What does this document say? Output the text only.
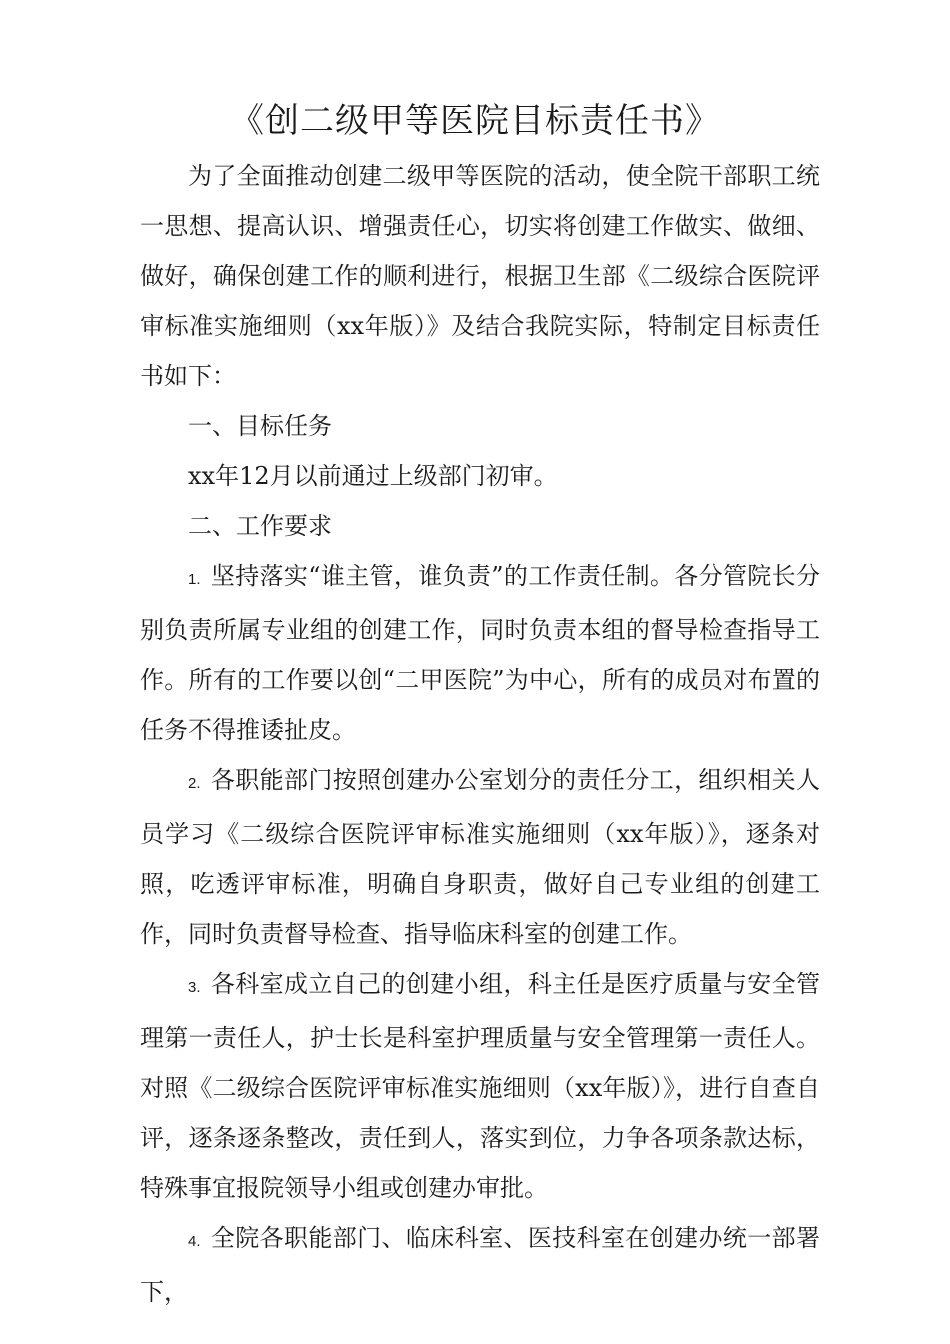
《创二级甲等医院目标责任书》

为了全面推动创建二级甲等医院的活动，使全院干部职工统一思想、提高认识、增强责任心，切实将创建工作做实、做细、做好，确保创建工作的顺利进行，根据卫生部《二级综合医院评审标准实施细则（xx年版）》及结合我院实际，特制定目标责任书如下：

一、目标任务

xx年12月以前通过上级部门初审。

二、工作要求

1. 坚持落实“谁主管，谁负责”的工作责任制。各分管院长分别负责所属专业组的创建工作，同时负责本组的督导检查指导工作。所有的工作要以创“二甲医院”为中心，所有的成员对布置的任务不得推诿扯皮。

2. 各职能部门按照创建办公室划分的责任分工，组织相关人员学习《二级综合医院评审标准实施细则（xx年版）》，逐条对照，吃透评审标准，明确自身职责，做好自己专业组的创建工作，同时负责督导检查、指导临床科室的创建工作。

3. 各科室成立自己的创建小组，科主任是医疗质量与安全管理第一责任人，护士长是科室护理质量与安全管理第一责任人。对照《二级综合医院评审标准实施细则（xx年版）》，进行自查自评，逐条逐条整改，责任到人，落实到位，力争各项条款达标，特殊事宜报院领导小组或创建办审批。

4. 全院各职能部门、临床科室、医技科室在创建办统一部署下，
